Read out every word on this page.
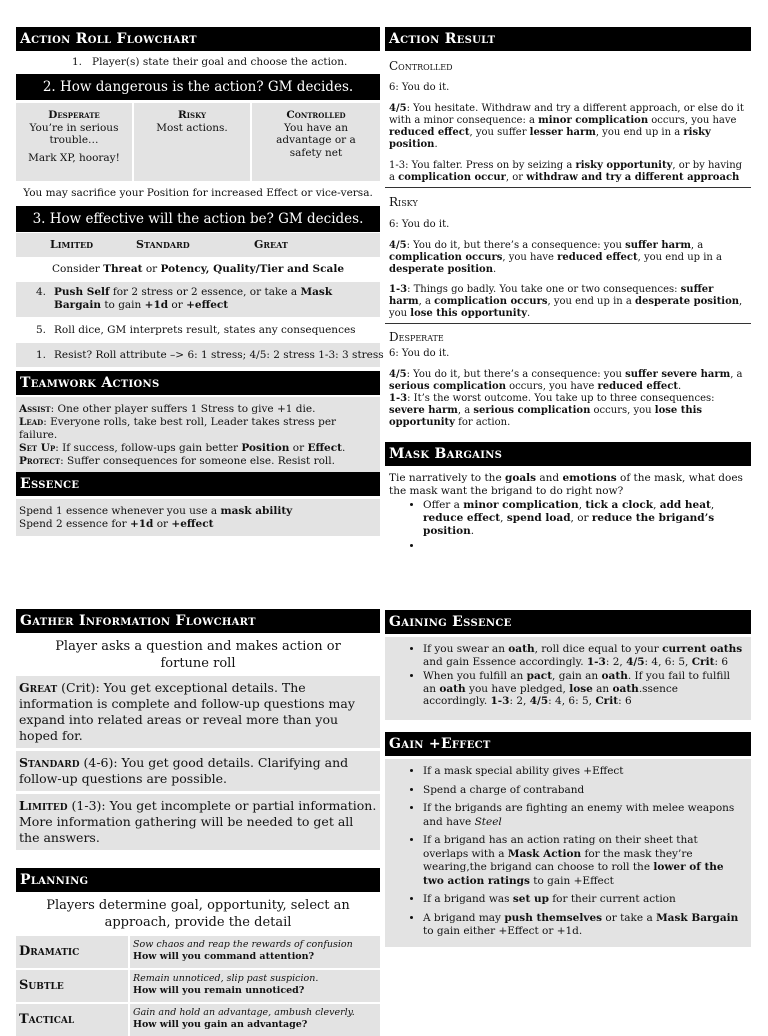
Action Roll Flowchart
1. Player(s) state their goal and choose the action.
2. How dangerous is the action? GM decides.
Desperate
You’re in serious trouble…
Mark XP, hooray!
Risky
Most actions.
Controlled
You have an advantage or a safety net
You may sacrifice your Position for increased Effect or vice-versa.
3. How effective will the action be? GM decides.
Limited	Standard	Great
Consider Threat or Potency, Quality/Tier and Scale
4. Push Self for 2 stress or 2 essence, or take a Mask Bargain to gain +1d or +effect
5. Roll dice, GM interprets result, states any consequences
1. Resist? Roll attribute –> 6: 1 stress; 4/5: 2 stress 1-3: 3 stress
Teamwork Actions
Assist: One other player suffers 1 Stress to give +1 die.
Lead: Everyone rolls, take best roll, Leader takes stress per failure.
Set Up: If success, follow-ups gain better Position or Effect.
Protect: Suffer consequences for someone else. Resist roll.
Essence
Spend 1 essence whenever you use a mask ability
Spend 2 essence for +1d or +effect
Action Result
Controlled
6: You do it.
4/5: You hesitate. Withdraw and try a different approach, or else do it with a minor consequence: a minor complication occurs, you have reduced effect, you suffer lesser harm, you end up in a risky position.
1-3: You falter. Press on by seizing a risky opportunity, or by having a complication occur, or withdraw and try a different approach
Risky
6: You do it.
4/5: You do it, but there’s a consequence: you suffer harm, a complication occurs, you have reduced effect, you end up in a desperate position.
1-3: Things go badly. You take one or two consequences: suffer harm, a complication occurs, you end up in a desperate position, you lose this opportunity.
Desperate
6: You do it.
4/5: You do it, but there’s a consequence: you suffer severe harm, a serious complication occurs, you have reduced effect.
1-3: It’s the worst outcome. You take up to three consequences: severe harm, a serious complication occurs, you lose this opportunity for action.
Mask Bargains
Tie narratively to the goals and emotions of the mask, what does the mask want the brigand to do right now?
• Offer a minor complication, tick a clock, add heat, reduce effect, spend load, or reduce the brigand’s position.
•
Gather Information Flowchart
Player asks a question and makes action or fortune roll
Great (Crit): You get exceptional details. The information is complete and follow-up questions may expand into related areas or reveal more than you hoped for.
Standard (4-6): You get good details. Clarifying and follow-up questions are possible.
Limited (1-3): You get incomplete or partial information. More information gathering will be needed to get all the answers.
Planning
Players determine goal, opportunity, select an approach, provide the detail
Dramatic	Sow chaos and reap the rewards of confusion
How will you command attention?
Subtle	Remain unnoticed, slip past suspicion.
How will you remain unnoticed?
Tactical	Gain and hold an advantage, ambush cleverly.
How will you gain an advantage?
Gaining Essence
• If you swear an oath, roll dice equal to your current oaths and gain Essence accordingly. 1-3: 2, 4/5: 4, 6: 5, Crit: 6
• When you fulfill an pact, gain an oath. If you fail to fulfill an oath you have pledged, lose an oath.ssence accordingly. 1-3: 2, 4/5: 4, 6: 5, Crit: 6
Gain +Effect
• If a mask special ability gives +Effect
• Spend a charge of contraband
• If the brigands are fighting an enemy with melee weapons and have Steel
• If a brigand has an action rating on their sheet that overlaps with a Mask Action for the mask they’re wearing,the brigand can choose to roll the lower of the two action ratings to gain +Effect
• If a brigand was set up for their current action
• A brigand may push themselves or take a Mask Bargain to gain either +Effect or +1d.
